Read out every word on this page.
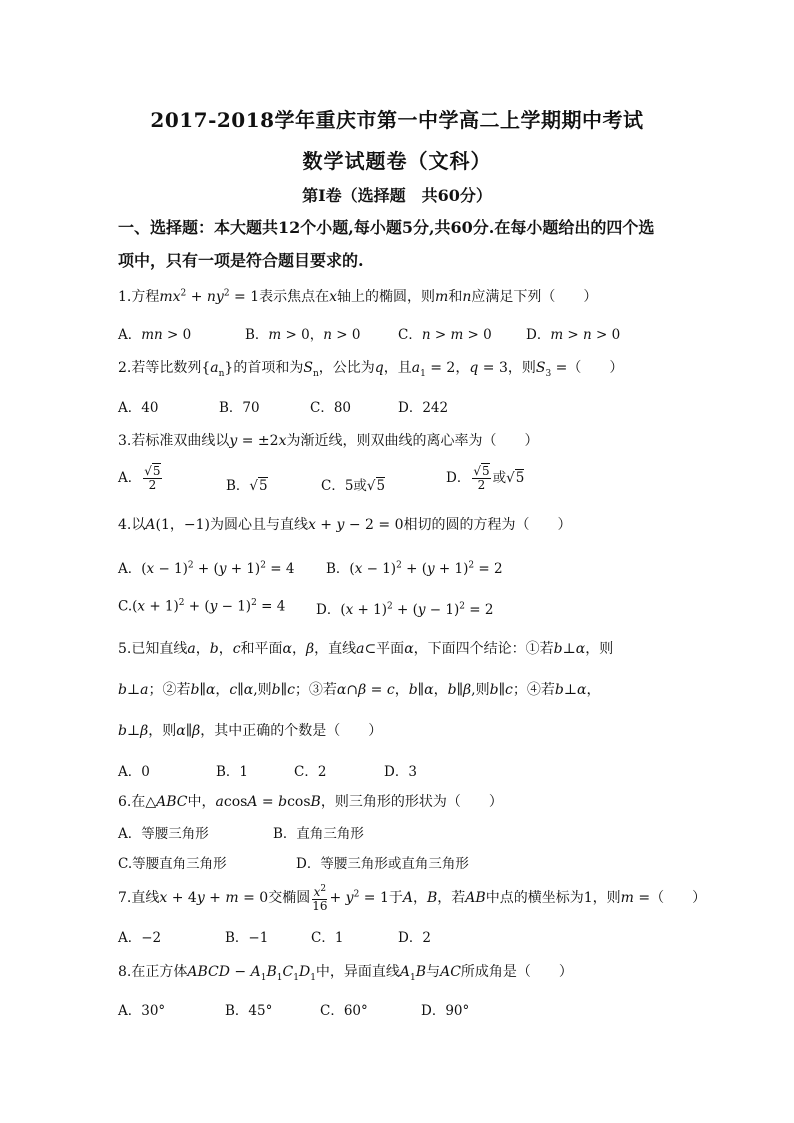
2017-2018学年重庆市第一中学高二上学期期中考试
数学试题卷（文科）
第Ⅰ卷（选择题　共60分）
一、选择题：本大题共12个小题,每小题5分,共60分.在每小题给出的四个选
项中，只有一项是符合题目要求的.
1.方程$mx^2 + ny^2 = 1$表示焦点在x轴上的椭圆，则m和n应满足下列（　　）
A．mn > 0	B．m > 0，n > 0	C．n > m > 0	D．m > n > 0
2.若等比数列$\{a_n\}$的首项和为$S_n$，公比为q，且$a_1 = 2$，q = 3，则$S_3$ =（　　）
A．40	B．70	C．80	D．242
3.若标准双曲线以y = ±2x为渐近线，则双曲线的离心率为（　　）
A． $\frac{√5}{2}$	B．√5	C．5或√5	D． $\frac{√5}{2}$ 或√5
4.以A(1，−1)为圆心且与直线x + y − 2 = 0相切的圆的方程为（　　）
A．$(x - 1)^2 + (y + 1)^2 = 4$ B．$(x - 1)^2 + (y + 1)^2 = 2$
$C.(x + 1)^2 + (y - 1)^2 = 4$ D．$(x + 1)^2 + (y - 1)^2 = 2$
5.已知直线a，b，c和平面α，β，直线a⊂平面α，下面四个结论：①若b⊥α，则
b⊥a；②若b∥α，c∥α,则b∥c；③若α∩β = c，b∥α，b∥β,则b∥c；④若b⊥α，
b⊥β，则α∥β，其中正确的个数是（　　）
A．0	B．1	C．2	D．3
6.在△ABC中，acosA = bcosB，则三角形的形状为（　　）
A．等腰三角形	B．直角三角形
C.等腰直角三角形	D．等腰三角形或直角三角形
7.直线x + 4y + m = 0交椭圆 $\frac{x^2}{16} + y^2 = 1$于A，B，若AB中点的横坐标为1，则m =（　　）
A．−2	B．−1	C．1	D．2
8.在正方体ABCD − $A_1B_1C_1D_1$中，异面直线$A_1B$与AC所成角是（　　）
A．30°	B．45°	C．60°	D．90°
